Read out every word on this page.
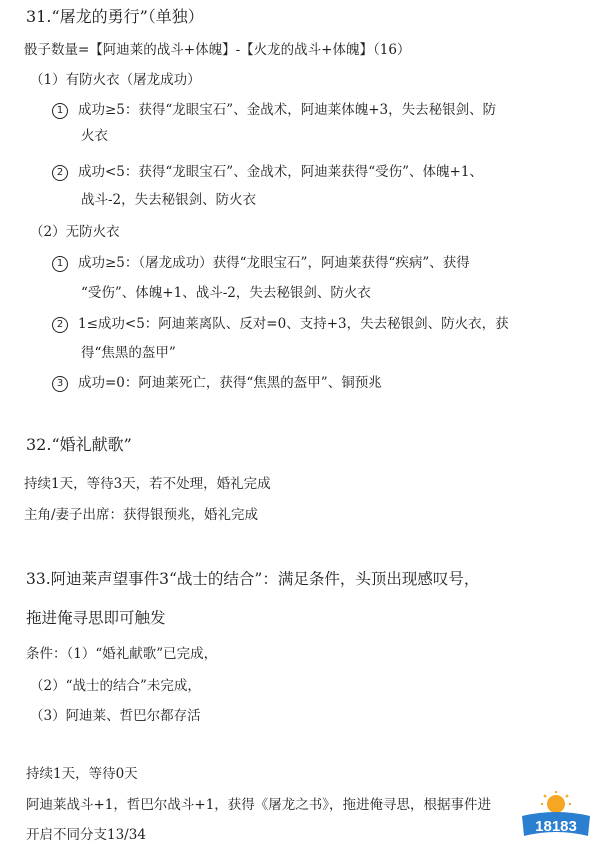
31.“屠龙的勇行”（单独）
骰子数量=【阿迪莱的战斗+体魄】-【火龙的战斗+体魄】（16）
（1）有防火衣（屠龙成功）
1 成功≥5：获得“龙眼宝石”、金战术，阿迪莱体魄+3，失去秘银剑、防
火衣
2 成功<5：获得“龙眼宝石”、金战术，阿迪莱获得“受伤”、体魄+1、
战斗-2，失去秘银剑、防火衣
（2）无防火衣
1 成功≥5：（屠龙成功）获得“龙眼宝石”，阿迪莱获得“疾病”、获得
“受伤”、体魄+1、战斗-2，失去秘银剑、防火衣
2 1≤成功<5：阿迪莱离队、反对=0、支持+3，失去秘银剑、防火衣，获
得“焦黑的盔甲”
3 成功=0：阿迪莱死亡，获得“焦黑的盔甲”、铜预兆
32.“婚礼献歌”
持续1天，等待3天，若不处理，婚礼完成
主角/妻子出席：获得银预兆，婚礼完成
33.阿迪莱声望事件3“战士的结合”：满足条件，头顶出现感叹号，
拖进俺寻思即可触发
条件：（1）“婚礼献歌”已完成，
（2）“战士的结合”未完成，
（3）阿迪莱、哲巴尔都存活
持续1天，等待0天
阿迪莱战斗+1，哲巴尔战斗+1，获得《屠龙之书》，拖进俺寻思，根据事件进
开启不同分支13/34	18183
